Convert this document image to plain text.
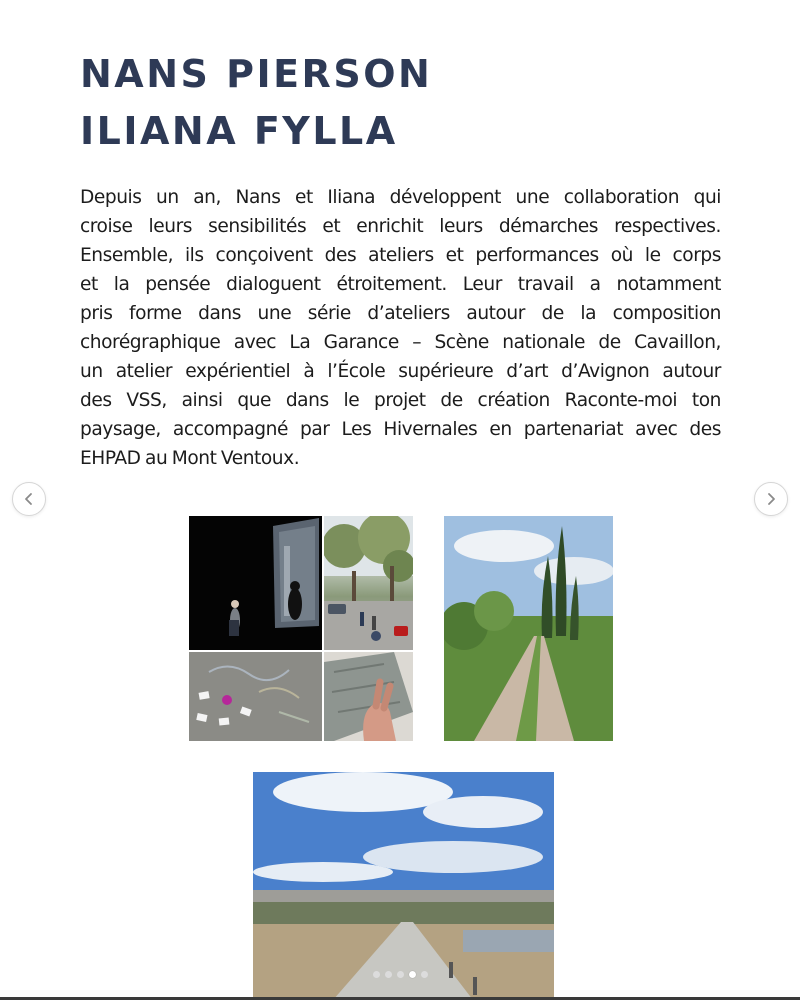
NANS PIERSON
ILIANA FYLLA
Depuis un an, Nans et Iliana développent une collaboration qui
croise leurs sensibilités et enrichit leurs démarches respectives.
Ensemble, ils conçoivent des ateliers et performances où le corps
et la pensée dialoguent étroitement. Leur travail a notamment
pris forme dans une série d’ateliers autour de la composition
chorégraphique avec La Garance – Scène nationale de Cavaillon,
un atelier expérientiel à l’École supérieure d’art d’Avignon autour
des VSS, ainsi que dans le projet de création Raconte-moi ton
paysage, accompagné par Les Hivernales en partenariat avec des
EHPAD au Mont Ventoux.
